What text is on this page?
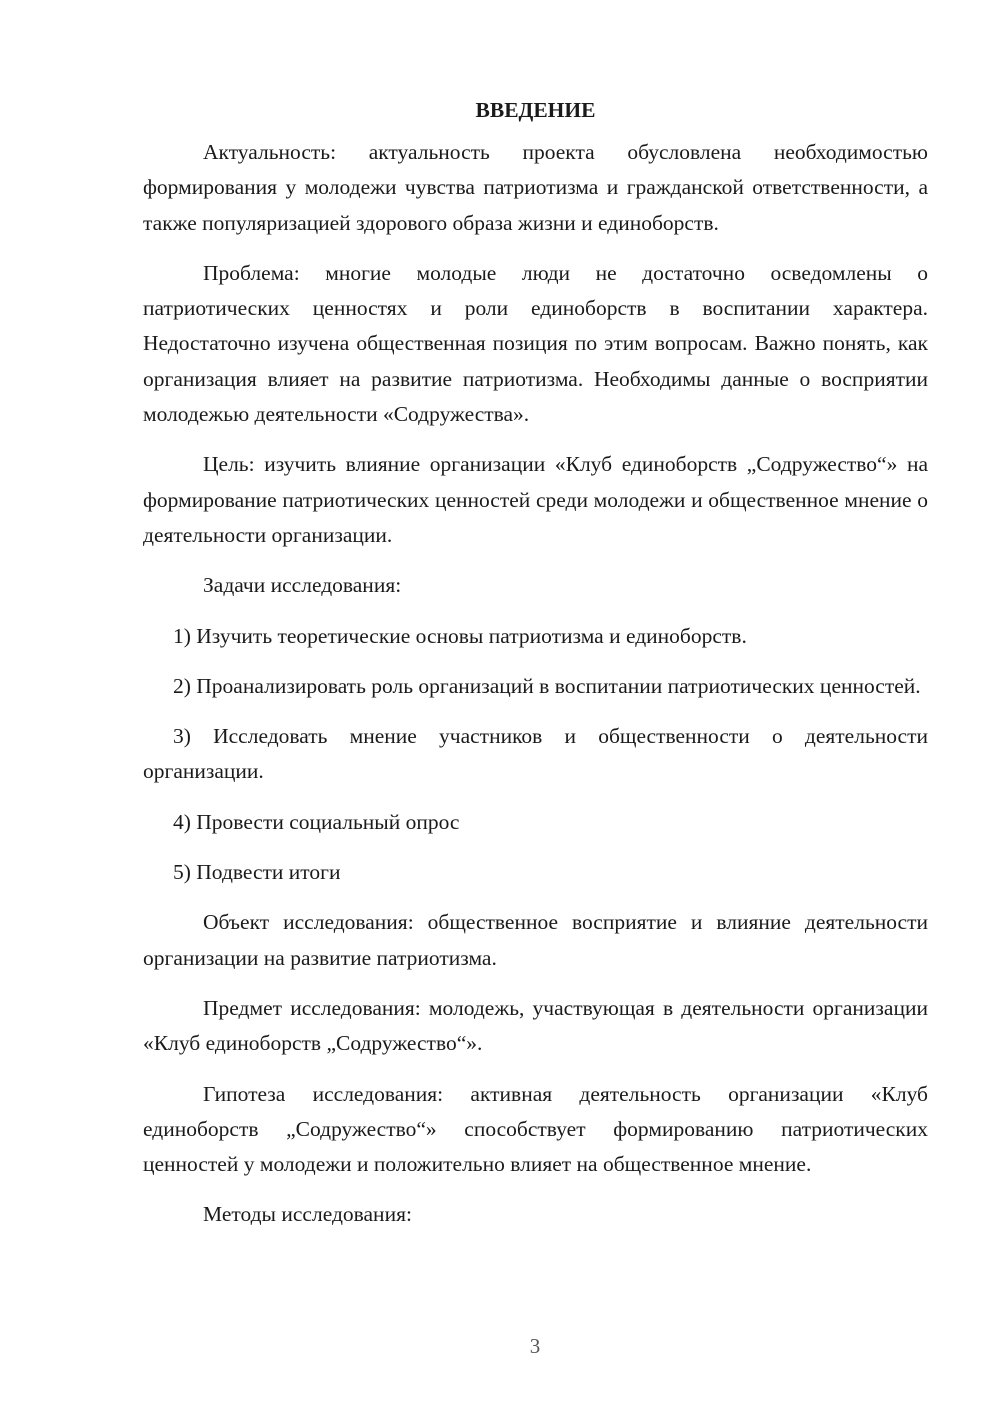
ВВЕДЕНИЕ

Актуальность: актуальность проекта обусловлена необходимостью формирования у молодежи чувства патриотизма и гражданской ответственности, а также популяризацией здорового образа жизни и единоборств.

Проблема: многие молодые люди не достаточно осведомлены о патриотических ценностях и роли единоборств в воспитании характера. Недостаточно изучена общественная позиция по этим вопросам. Важно понять, как организация влияет на развитие патриотизма. Необходимы данные о восприятии молодежью деятельности «Содружества».

Цель: изучить влияние организации «Клуб единоборств „Содружество“» на формирование патриотических ценностей среди молодежи и общественное мнение о деятельности организации.

Задачи исследования:

1) Изучить теоретические основы патриотизма и единоборств.

2) Проанализировать роль организаций в воспитании патриотических ценностей.

3) Исследовать мнение участников и общественности о деятельности организации.

4) Провести социальный опрос

5) Подвести итоги

Объект исследования: общественное восприятие и влияние деятельности организации на развитие патриотизма.

Предмет исследования: молодежь, участвующая в деятельности организации «Клуб единоборств „Содружество“».

Гипотеза исследования: активная деятельность организации «Клуб единоборств „Содружество“» способствует формированию патриотических ценностей у молодежи и положительно влияет на общественное мнение.

Методы исследования:

3
